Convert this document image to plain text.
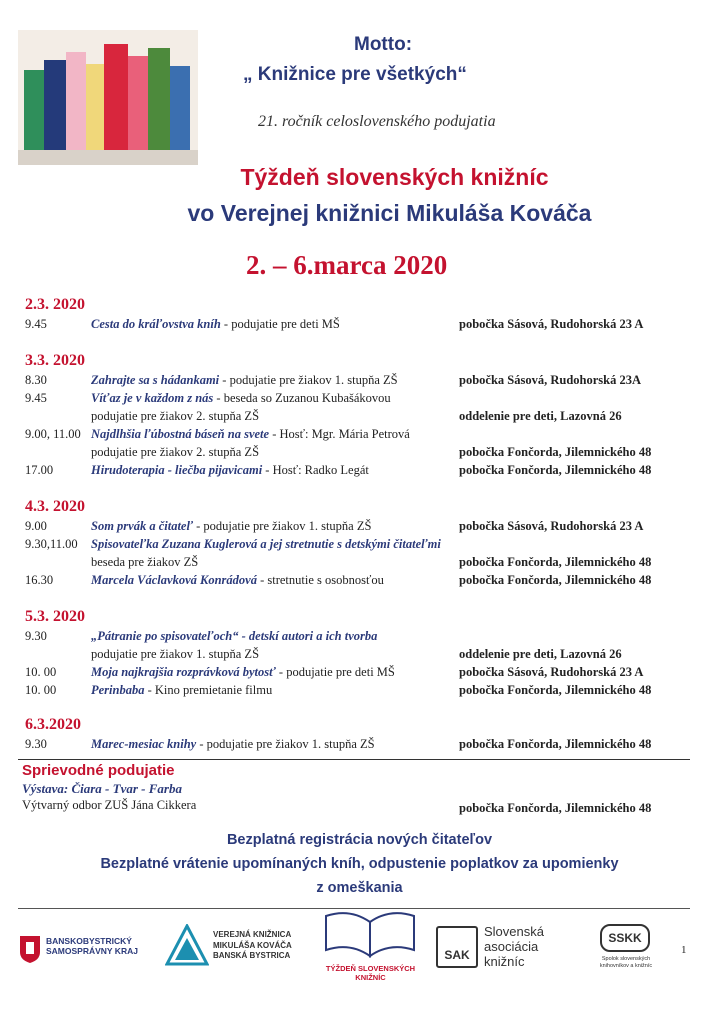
Motto:
„ Knižnice pre všetkých“
21. ročník celoslovenského podujatia
Týždeň slovenských knižníc
vo Verejnej knižnici Mikuláša Kováča
2. – 6.marca 2020
2.3. 2020
9.45	Cesta do kráľovstva kníh - podujatie pre deti MŠ	pobočka Sásová, Rudohorská 23 A
3.3. 2020
8.30	Zahrajte sa s hádankami - podujatie pre žiakov 1. stupňa ZŠ	pobočka Sásová, Rudohorská 23A
9.45	Víťaz je v každom z nás - beseda so Zuzanou Kubašákovou
podujatie pre žiakov 2. stupňa ZŠ	oddelenie pre deti, Lazovná 26
9.00, 11.00 Najdlhšia ľúbostná báseň na svete - Hosť: Mgr. Mária Petrová
podujatie pre žiakov 2. stupňa ZŠ	pobočka Fončorda, Jilemnického 48
17.00	Hirudoterapia - liečba pijavicami - Hosť: Radko Legát	pobočka Fončorda, Jilemnického 48
4.3. 2020
9.00	Som prvák a čitateľ - podujatie pre žiakov 1. stupňa ZŠ	pobočka Sásová, Rudohorská 23 A
9.30,11.00	Spisovateľka Zuzana Kuglerová a jej stretnutie s detskými čitateľmi
beseda pre žiakov ZŠ	pobočka Fončorda, Jilemnického 48
16.30	Marcela Václavková Konrádová - stretnutie s osobnosťou	pobočka Fončorda, Jilemnického 48
5.3. 2020
9.30	„Pátranie po spisovateľoch“ - detskí autori a ich tvorba
podujatie pre žiakov 1. stupňa ZŠ	oddelenie pre deti, Lazovná 26
10. 00	Moja najkrajšia rozprávková bytosť - podujatie pre deti MŠ	pobočka Sásová, Rudohorská 23 A
10. 00	Perinbaba - Kino premietanie filmu	pobočka Fončorda, Jilemnického 48
6.3.2020
9.30	Marec-mesiac knihy - podujatie pre žiakov 1. stupňa ZŠ	pobočka Fončorda, Jilemnického 48
Sprievodné podujatie
Výstava: Čiara - Tvar - Farba
Výtvarný odbor ZUŠ Jána Cikkera	pobočka Fončorda, Jilemnického 48
Bezplatná registrácia nových čitateľov
Bezplatné vrátenie upomínaných kníh, odpustenie poplatkov za upomienky
z omeškania
BANSKOBYSTRICKÝ
SAMOSPRÁVNY KRAJ
VEREJNÁ KNIŽNICA
MIKULÁŠA KOVÁČA
BANSKÁ BYSTRICA
TÝŽDEŇ SLOVENSKÝCH
KNIŽNÍC
SAK
Slovenská
asociácia
knižníc
SSKK
Spolok slovenských
knihovníkov a knižníc
1
